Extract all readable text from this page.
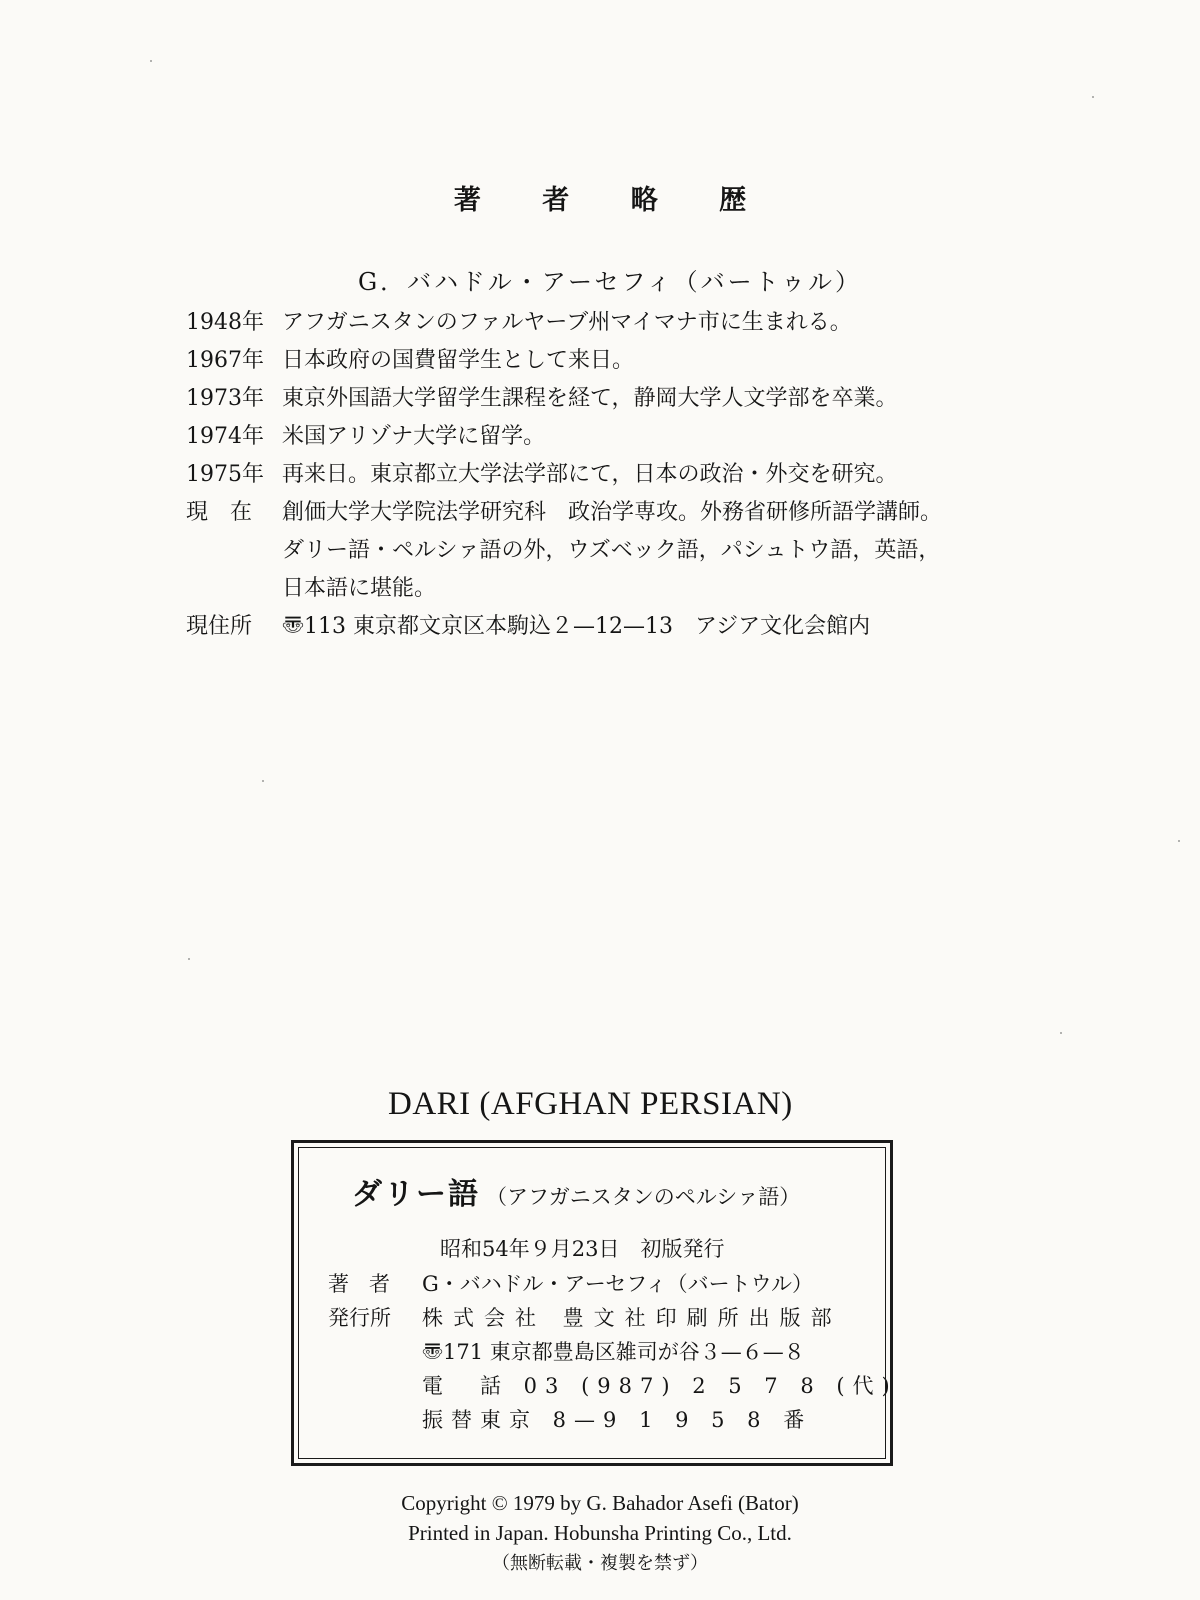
著 者 略 歴
G．バハドル・アーセフィ（バートゥル）
1948年 アフガニスタンのファルヤーブ州マイマナ市に生まれる。
1967年 日本政府の国費留学生として来日。
1973年 東京外国語大学留学生課程を経て，静岡大学人文学部を卒業。
1974年 米国アリゾナ大学に留学。
1975年 再来日。東京都立大学法学部にて，日本の政治・外交を研究。
現在 創価大学大学院法学研究科　政治学専攻。外務省研修所語学講師。
ダリー語・ペルシァ語の外，ウズベック語，パシュトウ語，英語，
日本語に堪能。
現住所	〠113 東京都文京区本駒込２—12—13　アジア文化会館内
DARI (AFGHAN PERSIAN)
ダリー語 （アフガニスタンのペルシァ語）
昭和54年９月23日　初版発行
著者 G・バハドル・アーセフィ（バートウル）
発行所	株式会社 豊文社印刷所出版部
〠171 東京都豊島区雑司が谷３—６—８
電　話 03 (987) 2 5 7 8 (代)
振替東京 8—9 1 9 5 8 番
Copyright © 1979 by G. Bahador Asefi (Bator)
Printed in Japan. Hobunsha Printing Co., Ltd.
（無断転載・複製を禁ず）
